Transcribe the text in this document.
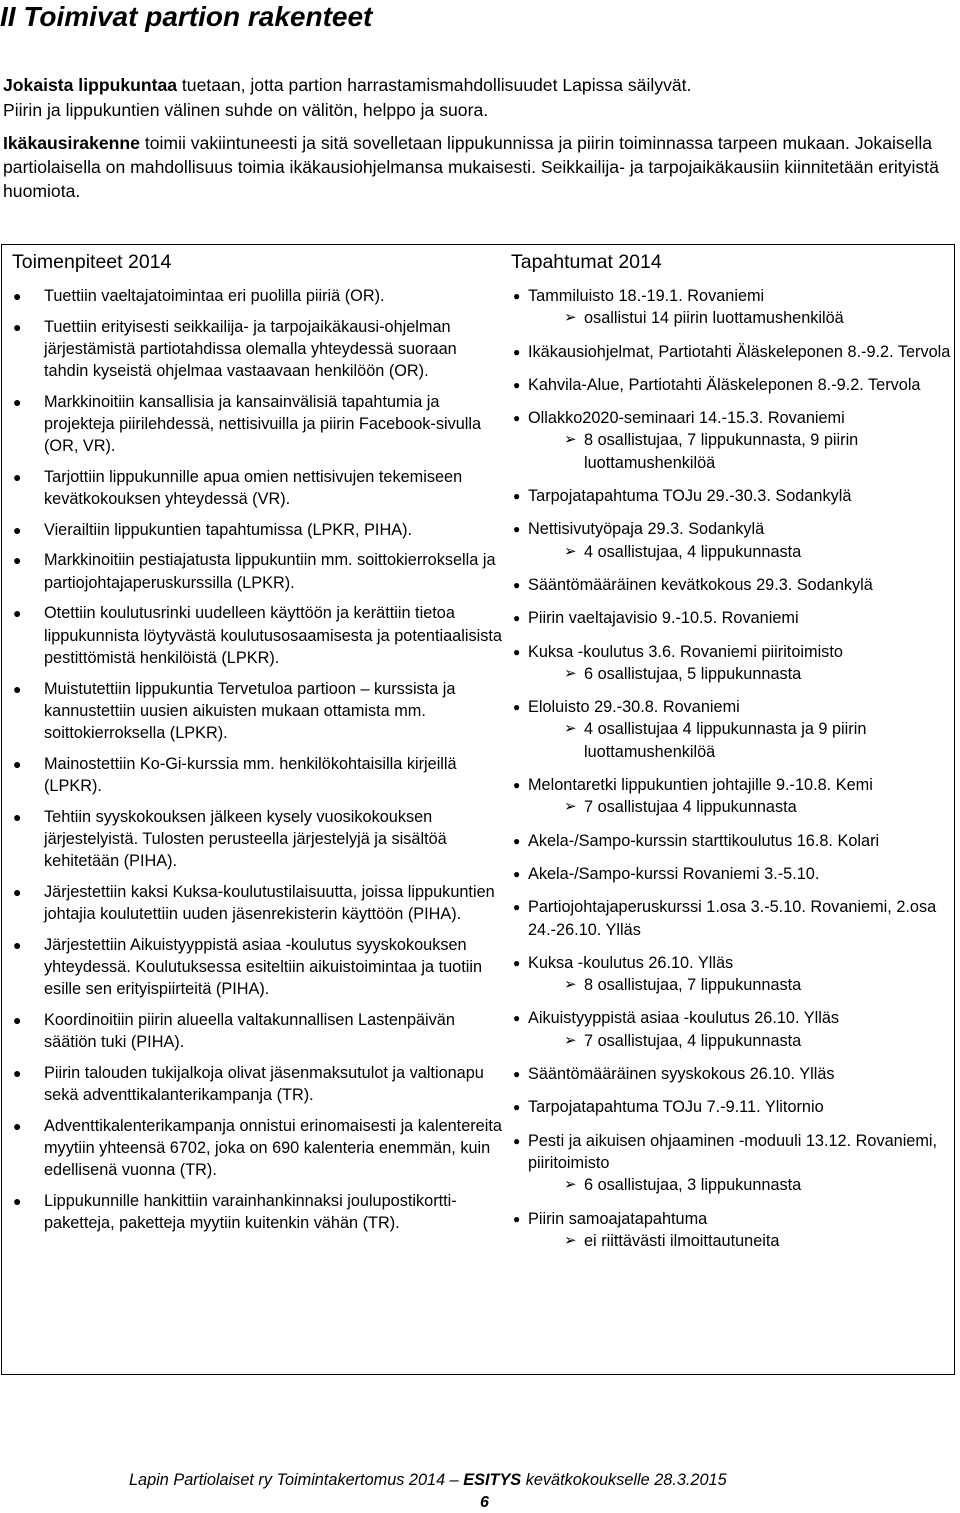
II Toimivat partion rakenteet

Jokaista lippukuntaa tuetaan, jotta partion harrastamismahdollisuudet Lapissa säilyvät.

Piirin ja lippukuntien välinen suhde on välitön, helppo ja suora.

Ikäkausirakenne toimii vakiintuneesti ja sitä sovelletaan lippukunnissa ja piirin toiminnassa tarpeen mukaan. Jokaisella partiolaisella on mahdollisuus toimia ikäkausiohjelmansa mukaisesti. Seikkailija- ja tarpojaikäkausiin kiinnitetään erityistä huomiota.

Toimenpiteet 2014	Tapahtumat 2014
● Tuettiin vaeltajatoimintaa eri puolilla piiriä (OR).
● Tuettiin erityisesti seikkailija- ja tarpojaikäkausi-ohjelman järjestämistä partiotahdissa olemalla yhteydessä suoraan tahdin kyseistä ohjelmaa vastaavaan henkilöön (OR).
● Markkinoitiin kansallisia ja kansainvälisiä tapahtumia ja projekteja piirilehdessä, nettisivuilla ja piirin Facebook-sivulla (OR, VR).
● Tarjottiin lippukunnille apua omien nettisivujen tekemiseen kevätkokouksen yhteydessä (VR).
● Vierailtiin lippukuntien tapahtumissa (LPKR, PIHA).
● Markkinoitiin pestiajatusta lippukuntiin mm. soittokierroksella ja partiojohtajaperuskurssilla (LPKR).
● Otettiin koulutusrinki uudelleen käyttöön ja kerättiin tietoa lippukunnista löytyvästä koulutusosaamisesta ja potentiaalisista pestittömistä henkilöistä (LPKR).
● Muistutettiin lippukuntia Tervetuloa partioon – kurssista ja kannustettiin uusien aikuisten mukaan ottamista mm. soittokierroksella (LPKR).
● Mainostettiin Ko-Gi-kurssia mm. henkilökohtaisilla kirjeillä (LPKR).
● Tehtiin syyskokouksen jälkeen kysely vuosikokouksen järjestelyistä. Tulosten perusteella järjestelyjä ja sisältöä kehitetään (PIHA).
● Järjestettiin kaksi Kuksa-koulutustilaisuutta, joissa lippukuntien johtajia koulutettiin uuden jäsenrekisterin käyttöön (PIHA).
● Järjestettiin Aikuistyyppistä asiaa -koulutus syyskokouksen yhteydessä. Koulutuksessa esiteltiin aikuistoimintaa ja tuotiin esille sen erityispiirteitä (PIHA).
● Koordinoitiin piirin alueella valtakunnallisen Lastenpäivän säätiön tuki (PIHA).
● Piirin talouden tukijalkoja olivat jäsenmaksutulot ja valtionapu sekä adventtikalanterikampanja (TR).
● Adventtikalenterikampanja onnistui erinomaisesti ja kalentereita myytiin yhteensä 6702, joka on 690 kalenteria enemmän, kuin edellisenä vuonna (TR).
● Lippukunnille hankittiin varainhankinnaksi joulupostikortti-paketteja, paketteja myytiin kuitenkin vähän (TR).
● Tammiluisto 18.-19.1. Rovaniemi
➢ osallistui 14 piirin luottamushenkilöä
● Ikäkausiohjelmat, Partiotahti Äläskeleponen 8.-9.2. Tervola
● Kahvila-Alue, Partiotahti Äläskeleponen 8.-9.2. Tervola
● Ollakko2020-seminaari 14.-15.3. Rovaniemi
➢ 8 osallistujaa, 7 lippukunnasta, 9 piirin luottamushenkilöä
● Tarpojatapahtuma TOJu 29.-30.3. Sodankylä
● Nettisivutyöpaja 29.3. Sodankylä
➢ 4 osallistujaa, 4 lippukunnasta
● Sääntömääräinen kevätkokous 29.3. Sodankylä
● Piirin vaeltajavisio 9.-10.5. Rovaniemi
● Kuksa -koulutus 3.6. Rovaniemi piiritoimisto
➢ 6 osallistujaa, 5 lippukunnasta
● Eloluisto 29.-30.8. Rovaniemi
➢ 4 osallistujaa 4 lippukunnasta ja 9 piirin luottamushenkilöä
● Melontaretki lippukuntien johtajille 9.-10.8. Kemi
➢ 7 osallistujaa 4 lippukunnasta
● Akela-/Sampo-kurssin starttikoulutus 16.8. Kolari
● Akela-/Sampo-kurssi Rovaniemi 3.-5.10.
● Partiojohtajaperuskurssi 1.osa 3.-5.10. Rovaniemi, 2.osa 24.-26.10. Ylläs
● Kuksa -koulutus 26.10. Ylläs
➢ 8 osallistujaa, 7 lippukunnasta
● Aikuistyyppistä asiaa -koulutus 26.10. Ylläs
➢ 7 osallistujaa, 4 lippukunnasta
● Sääntömääräinen syyskokous 26.10. Ylläs
● Tarpojatapahtuma TOJu 7.-9.11. Ylitornio
● Pesti ja aikuisen ohjaaminen -moduuli 13.12. Rovaniemi, piiritoimisto
➢ 6 osallistujaa, 3 lippukunnasta
● Piirin samoajatapahtuma
➢ ei riittävästi ilmoittautuneita
Lapin Partiolaiset ry Toimintakertomus 2014 – ESITYS kevätkokoukselle 28.3.2015
6
